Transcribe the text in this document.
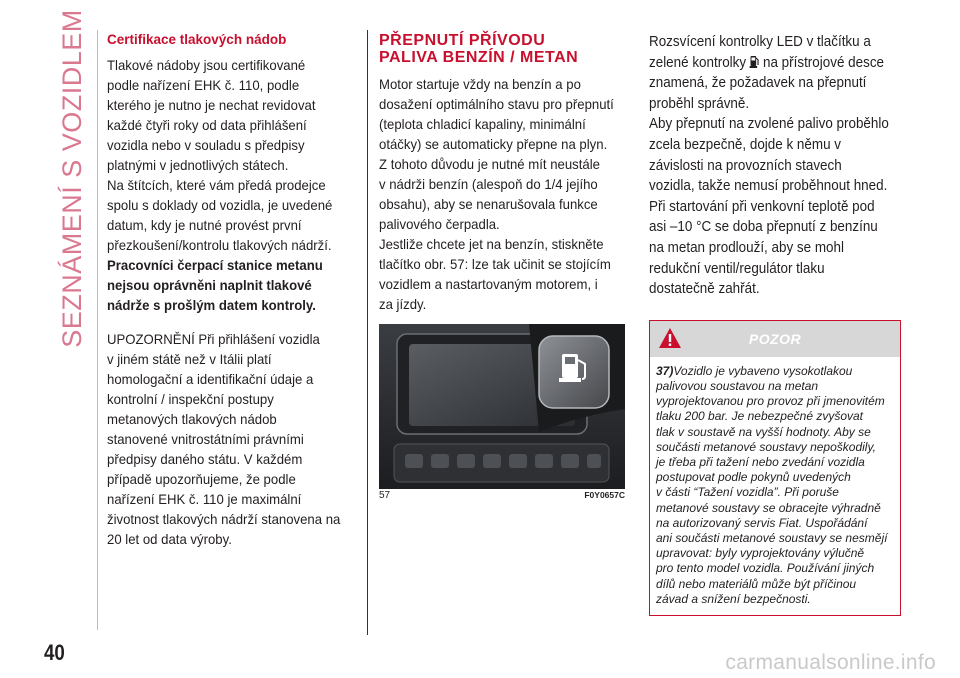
SEZNÁMENÍ S VOZIDLEM Certifikace tlakových nádob

Tlakové nádoby jsou certifikované
podle nařízení EHK č. 110, podle
kterého je nutno je nechat revidovat
každé čtyři roky od data přihlášení
vozidla nebo v souladu s předpisy
platnými v jednotlivých státech.
Na štítcích, které vám předá prodejce
spolu s doklady od vozidla, je uvedené
datum, kdy je nutné provést první
přezkoušení/kontrolu tlakových nádrží.

Pracovníci čerpací stanice metanu
nejsou oprávněni naplnit tlakové
nádrže s prošlým datem kontroly.

UPOZORNĚNÍ Při přihlášení vozidla
v jiném státě než v Itálii platí
homologační a identifikační údaje a
kontrolní / inspekční postupy
metanových tlakových nádob
stanovené vnitrostátními právními
předpisy daného státu. V každém
případě upozorňujeme, že podle
nařízení EHK č. 110 je maximální
životnost tlakových nádrží stanovena na
20 let od data výroby.

PŘEPNUTÍ PŘÍVODU
PALIVA BENZÍN / METAN

Motor startuje vždy na benzín a po
dosažení optimálního stavu pro přepnutí
(teplota chladicí kapaliny, minimální
otáčky) se automaticky přepne na plyn.
Z tohoto důvodu je nutné mít neustále
v nádrži benzín (alespoň do 1/4 jejího
obsahu), aby se nenarušovala funkce
palivového čerpadla.
Jestliže chcete jet na benzín, stiskněte
tlačítko obr. 57: lze tak učinit se stojícím
vozidlem a nastartovaným motorem, i
za jízdy.

57	F0Y0657C

Rozsvícení kontrolky LED v tlačítku a
zelené kontrolky  na přístrojové desce
znamená, že požadavek na přepnutí
proběhl správně.
Aby přepnutí na zvolené palivo proběhlo
zcela bezpečně, dojde k němu v
závislosti na provozních stavech
vozidla, takže nemusí proběhnout hned.
Při startování při venkovní teplotě pod
asi –10 °C se doba přepnutí z benzínu
na metan prodlouží, aby se mohl
redukční ventil/regulátor tlaku
dostatečně zahřát.

POZOR
37)Vozidlo je vybaveno vysokotlakou
palivovou soustavou na metan
vyprojektovanou pro provoz při jmenovitém
tlaku 200 bar. Je nebezpečné zvyšovat
tlak v soustavě na vyšší hodnoty. Aby se
součásti metanové soustavy nepoškodily,
je třeba při tažení nebo zvedání vozidla
postupovat podle pokynů uvedených
v části “Tažení vozidla”. Při poruše
metanové soustavy se obracejte výhradně
na autorizovaný servis Fiat. Uspořádání
ani součásti metanové soustavy se nesmějí
upravovat: byly vyprojektovány výlučně
pro tento model vozidla. Používání jiných
dílů nebo materiálů může být příčinou
závad a snížení bezpečnosti.
40	carmanualsonline.info
